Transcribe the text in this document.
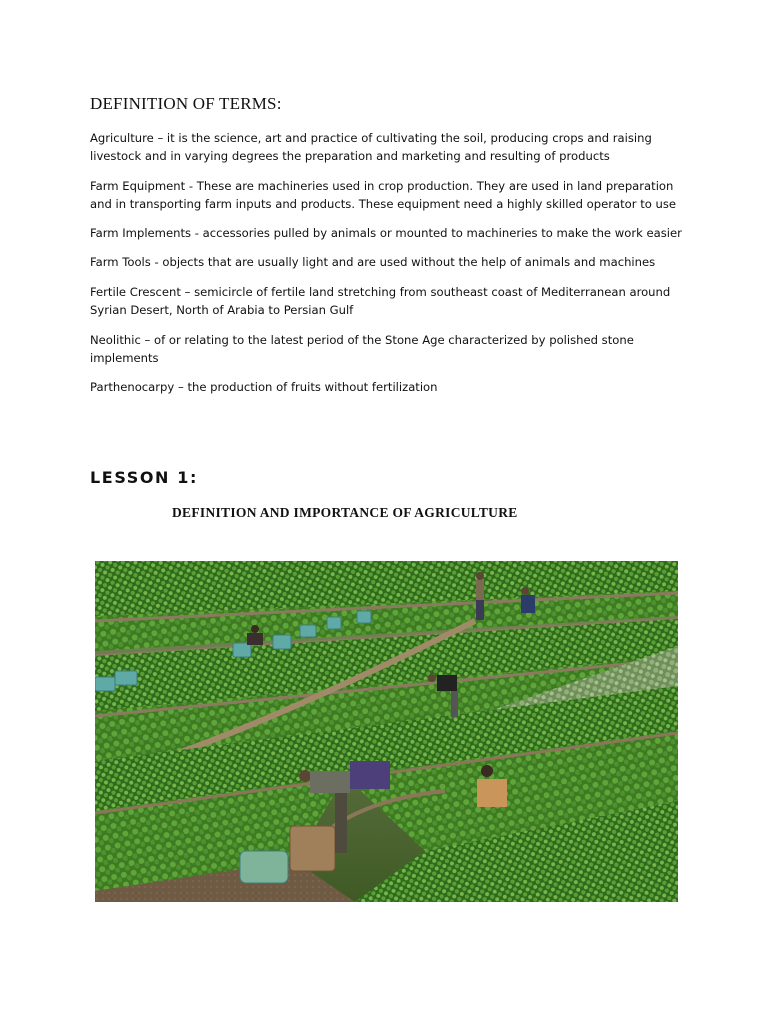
DEFINITION OF TERMS:

Agriculture – it is the science, art and practice of cultivating the soil, producing crops and raising livestock and in varying degrees the preparation and marketing and resulting of products

Farm Equipment - These are machineries used in crop production. They are used in land preparation and in transporting farm inputs and products. These equipment need a highly skilled operator to use

Farm Implements - accessories pulled by animals or mounted to machineries to make the work easier

Farm Tools - objects that are usually light and are used without the help of animals and machines

Fertile Crescent – semicircle of fertile land stretching from southeast coast of Mediterranean around Syrian Desert, North of Arabia to Persian Gulf

Neolithic – of or relating to the latest period of the Stone Age characterized by polished stone implements

Parthenocarpy – the production of fruits without fertilization

LESSON 1:
DEFINITION AND IMPORTANCE OF AGRICULTURE
